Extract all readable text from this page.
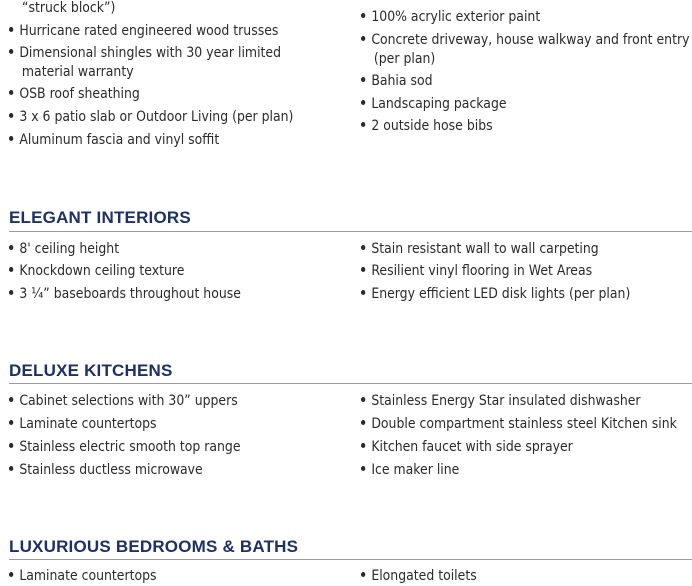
“struck block”)
Hurricane rated engineered wood trusses
Dimensional shingles with 30 year limited
material warranty
OSB roof sheathing
3 x 6 patio slab or Outdoor Living (per plan)
Aluminum fascia and vinyl soffit
100% acrylic exterior paint
Concrete driveway, house walkway and front entry
(per plan)
Bahia sod
Landscaping package
2 outside hose bibs
ELEGANT INTERIORS
8' ceiling height
Knockdown ceiling texture
3 ¼” baseboards throughout house
Stain resistant wall to wall carpeting
Resilient vinyl flooring in Wet Areas
Energy efficient LED disk lights (per plan)
DELUXE KITCHENS
Cabinet selections with 30” uppers
Laminate countertops
Stainless electric smooth top range
Stainless ductless microwave
Stainless Energy Star insulated dishwasher
Double compartment stainless steel Kitchen sink
Kitchen faucet with side sprayer
Ice maker line
LUXURIOUS BEDROOMS & BATHS
Laminate countertops	Elongated toilets
